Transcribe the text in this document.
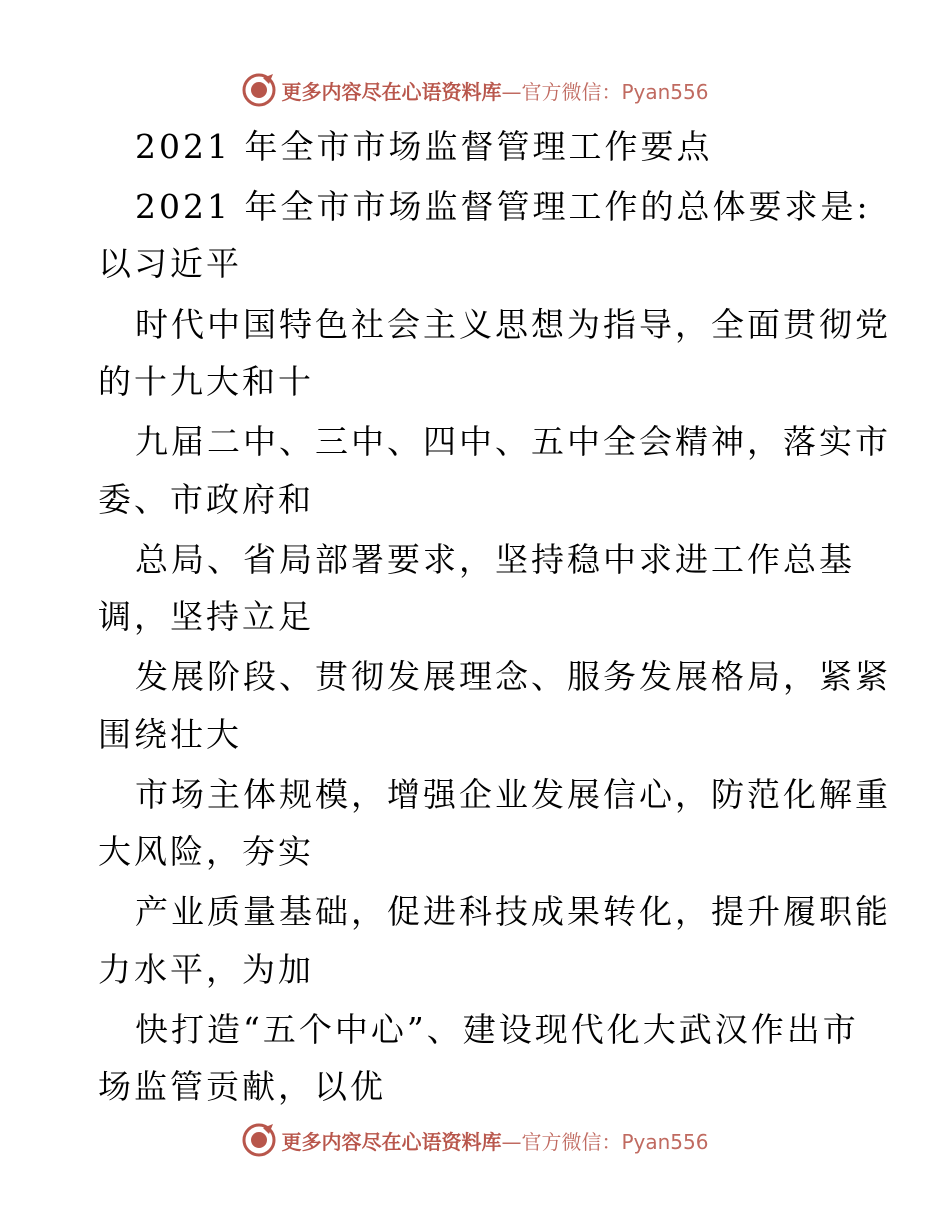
更多内容尽在心语资料库 —官方微信：Pyan556
2021 年全市市场监督管理工作要点
2021 年全市市场监督管理工作的总体要求是:
以习近平
时代中国特色社会主义思想为指导，全面贯彻党
的十九大和十
九届二中、三中、四中、五中全会精神，落实市
委、市政府和
总局、省局部署要求，坚持稳中求进工作总基
调，坚持立足
发展阶段、贯彻发展理念、服务发展格局，紧紧
围绕壮大
市场主体规模，增强企业发展信心，防范化解重
大风险，夯实
产业质量基础，促进科技成果转化，提升履职能
力水平，为加
快打造“五个中心”、建设现代化大武汉作出市
场监管贡献，以优
更多内容尽在心语资料库 —官方微信：Pyan556
